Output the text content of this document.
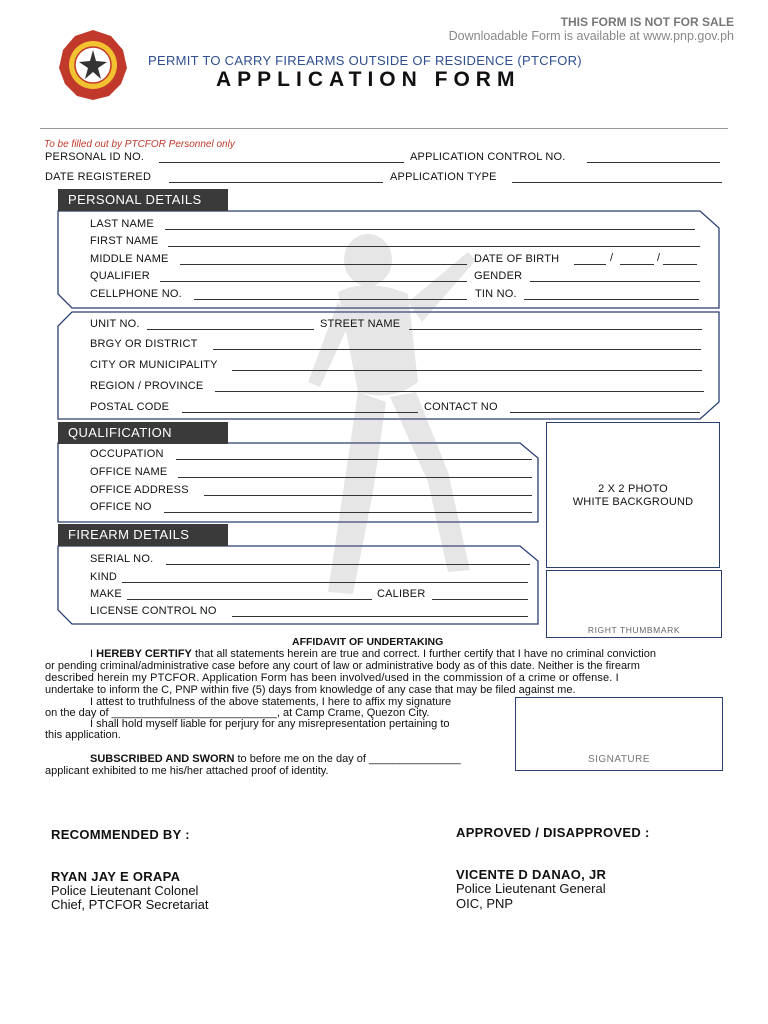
THIS FORM IS NOT FOR SALE
Downloadable Form is available at www.pnp.gov.ph
PERMIT TO CARRY FIREARMS OUTSIDE OF RESIDENCE (PTCFOR)
APPLICATION FORM
To be filled out by PTCFOR Personnel only
PERSONAL ID NO.	APPLICATION CONTROL NO.
DATE REGISTERED	APPLICATION TYPE
PERSONAL DETAILS
LAST NAME
FIRST NAME
MIDDLE NAME	DATE OF BIRTH	/	/
QUALIFIER	GENDER
CELLPHONE NO.	TIN NO.
UNIT NO.	STREET NAME
BRGY OR DISTRICT
CITY OR MUNICIPALITY
REGION / PROVINCE
POSTAL CODE	CONTACT NO
QUALIFICATION
OCCUPATION
OFFICE NAME
OFFICE ADDRESS
OFFICE NO
2 X 2 PHOTO
WHITE BACKGROUND
RIGHT THUMBMARK
FIREARM DETAILS
SERIAL NO.
KIND
MAKE	CALIBER
LICENSE CONTROL NO
AFFIDAVIT OF UNDERTAKING
I HEREBY CERTIFY that all statements herein are true and correct. I further certify that I have no criminal conviction
or pending criminal/administrative case before any court of law or administrative body as of this date. Neither is the firearm
described herein my PTCFOR. Application Form has been involved/used in the commission of a crime or offense. I
undertake to inform the C, PNP within five (5) days from knowledge of any case that may be filed against me.
I attest to truthfulness of the above statements, I here to affix my signature
on the day of ___________________________, at Camp Crame, Quezon City.
I shall hold myself liable for perjury for any misrepresentation pertaining to
this application.
SUBSCRIBED AND SWORN to before me on the day of _______________
applicant exhibited to me his/her attached proof of identity.
SIGNATURE
RECOMMENDED BY :
RYAN JAY E ORAPA
Police Lieutenant Colonel
Chief, PTCFOR Secretariat
APPROVED / DISAPPROVED :
VICENTE D DANAO, JR
Police Lieutenant General
OIC, PNP
